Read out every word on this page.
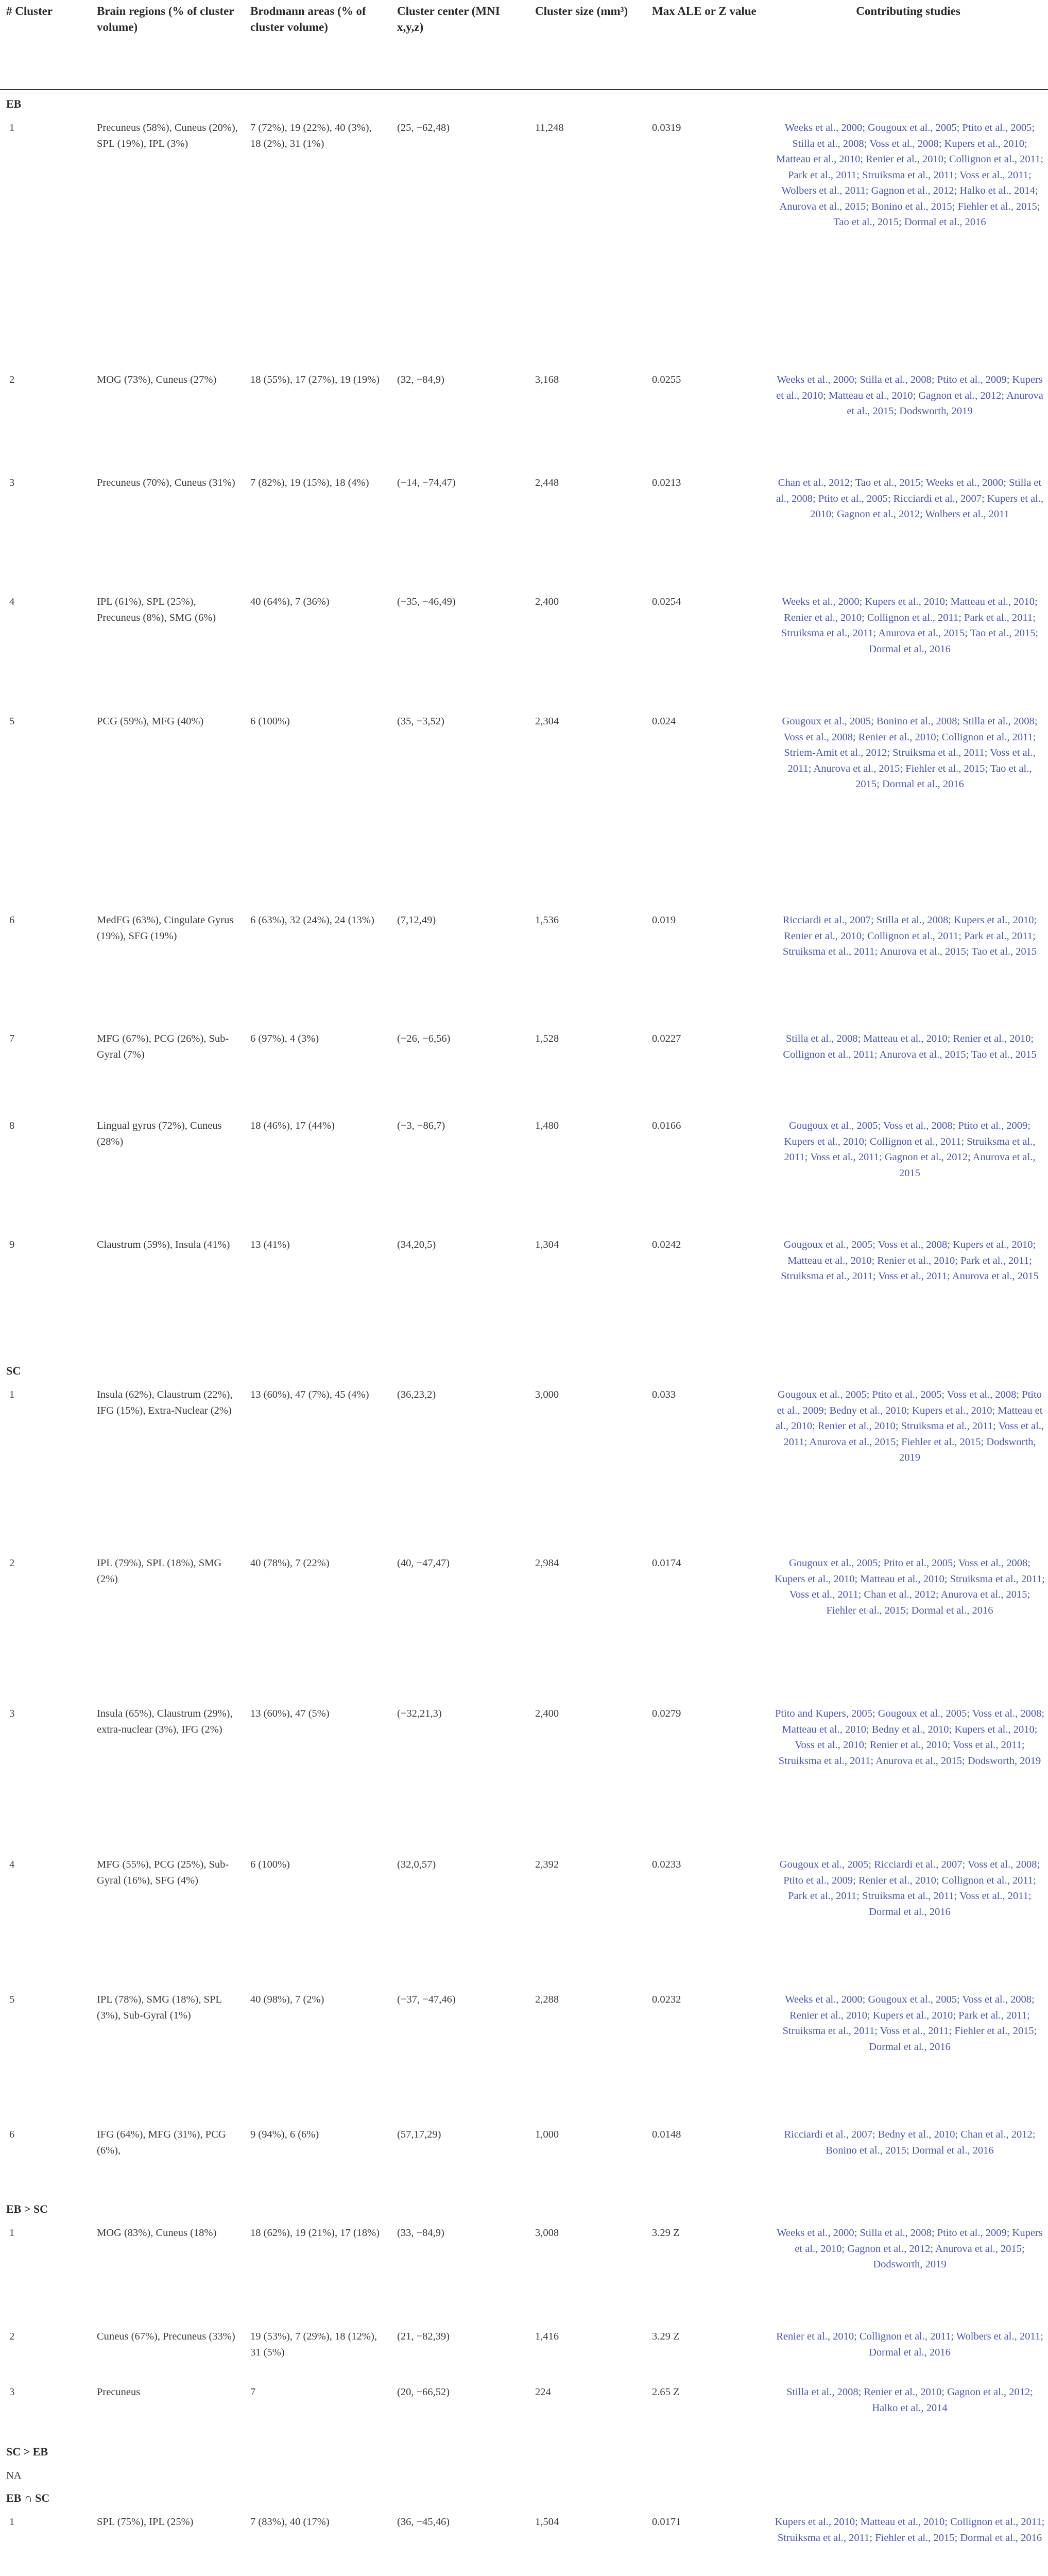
# Cluster	Brain regions (% of cluster volume)	Brodmann areas (% of cluster volume)	Cluster center (MNI x,y,z)	Cluster size (mm³)	Max ALE or Z value	Contributing studies
EB						
1	Precuneus (58%), Cuneus (20%), SPL (19%), IPL (3%)	7 (72%), 19 (22%), 40 (3%), 18 (2%), 31 (1%)	(25, −62,48)	11,248	0.0319	Weeks et al., 2000; Gougoux et al., 2005; Ptito et al., 2005; Stilla et al., 2008; Voss et al., 2008; Kupers et al., 2010; Matteau et al., 2010; Renier et al., 2010; Collignon et al., 2011; Park et al., 2011; Struiksma et al., 2011; Voss et al., 2011; Wolbers et al., 2011; Gagnon et al., 2012; Halko et al., 2014; Anurova et al., 2015; Bonino et al., 2015; Fiehler et al., 2015; Tao et al., 2015; Dormal et al., 2016
2	MOG (73%), Cuneus (27%)	18 (55%), 17 (27%), 19 (19%)	(32, −84,9)	3,168	0.0255	Weeks et al., 2000; Stilla et al., 2008; Ptito et al., 2009; Kupers et al., 2010; Matteau et al., 2010; Gagnon et al., 2012; Anurova et al., 2015; Dodsworth, 2019
3	Precuneus (70%), Cuneus (31%)	7 (82%), 19 (15%), 18 (4%)	(−14, −74,47)	2,448	0.0213	Chan et al., 2012; Tao et al., 2015; Weeks et al., 2000; Stilla et al., 2008; Ptito et al., 2005; Ricciardi et al., 2007; Kupers et al., 2010; Gagnon et al., 2012; Wolbers et al., 2011
4	IPL (61%), SPL (25%), Precuneus (8%), SMG (6%)	40 (64%), 7 (36%)	(−35, −46,49)	2,400	0.0254	Weeks et al., 2000; Kupers et al., 2010; Matteau et al., 2010; Renier et al., 2010; Collignon et al., 2011; Park et al., 2011; Struiksma et al., 2011; Anurova et al., 2015; Tao et al., 2015; Dormal et al., 2016
5	PCG (59%), MFG (40%)	6 (100%)	(35, −3,52)	2,304	0.024	Gougoux et al., 2005; Bonino et al., 2008; Stilla et al., 2008; Voss et al., 2008; Renier et al., 2010; Collignon et al., 2011; Striem-Amit et al., 2012; Struiksma et al., 2011; Voss et al., 2011; Anurova et al., 2015; Fiehler et al., 2015; Tao et al., 2015; Dormal et al., 2016
6	MedFG (63%), Cingulate Gyrus (19%), SFG (19%)	6 (63%), 32 (24%), 24 (13%)	(7,12,49)	1,536	0.019	Ricciardi et al., 2007; Stilla et al., 2008; Kupers et al., 2010; Renier et al., 2010; Collignon et al., 2011; Park et al., 2011; Struiksma et al., 2011; Anurova et al., 2015; Tao et al., 2015
7	MFG (67%), PCG (26%), Sub-Gyral (7%)	6 (97%), 4 (3%)	(−26, −6,56)	1,528	0.0227	Stilla et al., 2008; Matteau et al., 2010; Renier et al., 2010; Collignon et al., 2011; Anurova et al., 2015; Tao et al., 2015
8	Lingual gyrus (72%), Cuneus (28%)	18 (46%), 17 (44%)	(−3, −86,7)	1,480	0.0166	Gougoux et al., 2005; Voss et al., 2008; Ptito et al., 2009; Kupers et al., 2010; Collignon et al., 2011; Struiksma et al., 2011; Voss et al., 2011; Gagnon et al., 2012; Anurova et al., 2015
9	Claustrum (59%), Insula (41%)	13 (41%)	(34,20,5)	1,304	0.0242	Gougoux et al., 2005; Voss et al., 2008; Kupers et al., 2010; Matteau et al., 2010; Renier et al., 2010; Park et al., 2011; Struiksma et al., 2011; Voss et al., 2011; Anurova et al., 2015
SC						
1	Insula (62%), Claustrum (22%), IFG (15%), Extra-Nuclear (2%)	13 (60%), 47 (7%), 45 (4%)	(36,23,2)	3,000	0.033	Gougoux et al., 2005; Ptito et al., 2005; Voss et al., 2008; Ptito et al., 2009; Bedny et al., 2010; Kupers et al., 2010; Matteau et al., 2010; Renier et al., 2010; Struiksma et al., 2011; Voss et al., 2011; Anurova et al., 2015; Fiehler et al., 2015; Dodsworth, 2019
2	IPL (79%), SPL (18%), SMG (2%)	40 (78%), 7 (22%)	(40, −47,47)	2,984	0.0174	Gougoux et al., 2005; Ptito et al., 2005; Voss et al., 2008; Kupers et al., 2010; Matteau et al., 2010; Struiksma et al., 2011; Voss et al., 2011; Chan et al., 2012; Anurova et al., 2015; Fiehler et al., 2015; Dormal et al., 2016
3	Insula (65%), Claustrum (29%), extra-nuclear (3%), IFG (2%)	13 (60%), 47 (5%)	(−32,21,3)	2,400	0.0279	Ptito and Kupers, 2005; Gougoux et al., 2005; Voss et al., 2008; Matteau et al., 2010; Bedny et al., 2010; Kupers et al., 2010; Voss et al., 2010; Renier et al., 2010; Voss et al., 2011; Struiksma et al., 2011; Anurova et al., 2015; Dodsworth, 2019
4	MFG (55%), PCG (25%), Sub-Gyral (16%), SFG (4%)	6 (100%)	(32,0,57)	2,392	0.0233	Gougoux et al., 2005; Ricciardi et al., 2007; Voss et al., 2008; Ptito et al., 2009; Renier et al., 2010; Collignon et al., 2011; Park et al., 2011; Struiksma et al., 2011; Voss et al., 2011; Dormal et al., 2016
5	IPL (78%), SMG (18%), SPL (3%), Sub-Gyral (1%)	40 (98%), 7 (2%)	(−37, −47,46)	2,288	0.0232	Weeks et al., 2000; Gougoux et al., 2005; Voss et al., 2008; Renier et al., 2010; Kupers et al., 2010; Park et al., 2011; Struiksma et al., 2011; Voss et al., 2011; Fiehler et al., 2015; Dormal et al., 2016
6	IFG (64%), MFG (31%), PCG (6%),	9 (94%), 6 (6%)	(57,17,29)	1,000	0.0148	Ricciardi et al., 2007; Bedny et al., 2010; Chan et al., 2012; Bonino et al., 2015; Dormal et al., 2016
EB > SC						
1	MOG (83%), Cuneus (18%)	18 (62%), 19 (21%), 17 (18%)	(33, −84,9)	3,008	3.29 Z	Weeks et al., 2000; Stilla et al., 2008; Ptito et al., 2009; Kupers et al., 2010; Gagnon et al., 2012; Anurova et al., 2015; Dodsworth, 2019
2	Cuneus (67%), Precuneus (33%)	19 (53%), 7 (29%), 18 (12%), 31 (5%)	(21, −82,39)	1,416	3.29 Z	Renier et al., 2010; Collignon et al., 2011; Wolbers et al., 2011; Dormal et al., 2016
3	Precuneus	7	(20, −66,52)	224	2.65 Z	Stilla et al., 2008; Renier et al., 2010; Gagnon et al., 2012; Halko et al., 2014
SC > EB						
NA						
EB ∩ SC						
1	SPL (75%), IPL (25%)	7 (83%), 40 (17%)	(36, −45,46)	1,504	0.0171	Kupers et al., 2010; Matteau et al., 2010; Collignon et al., 2011; Struiksma et al., 2011; Fiehler et al., 2015; Dormal et al., 2016
